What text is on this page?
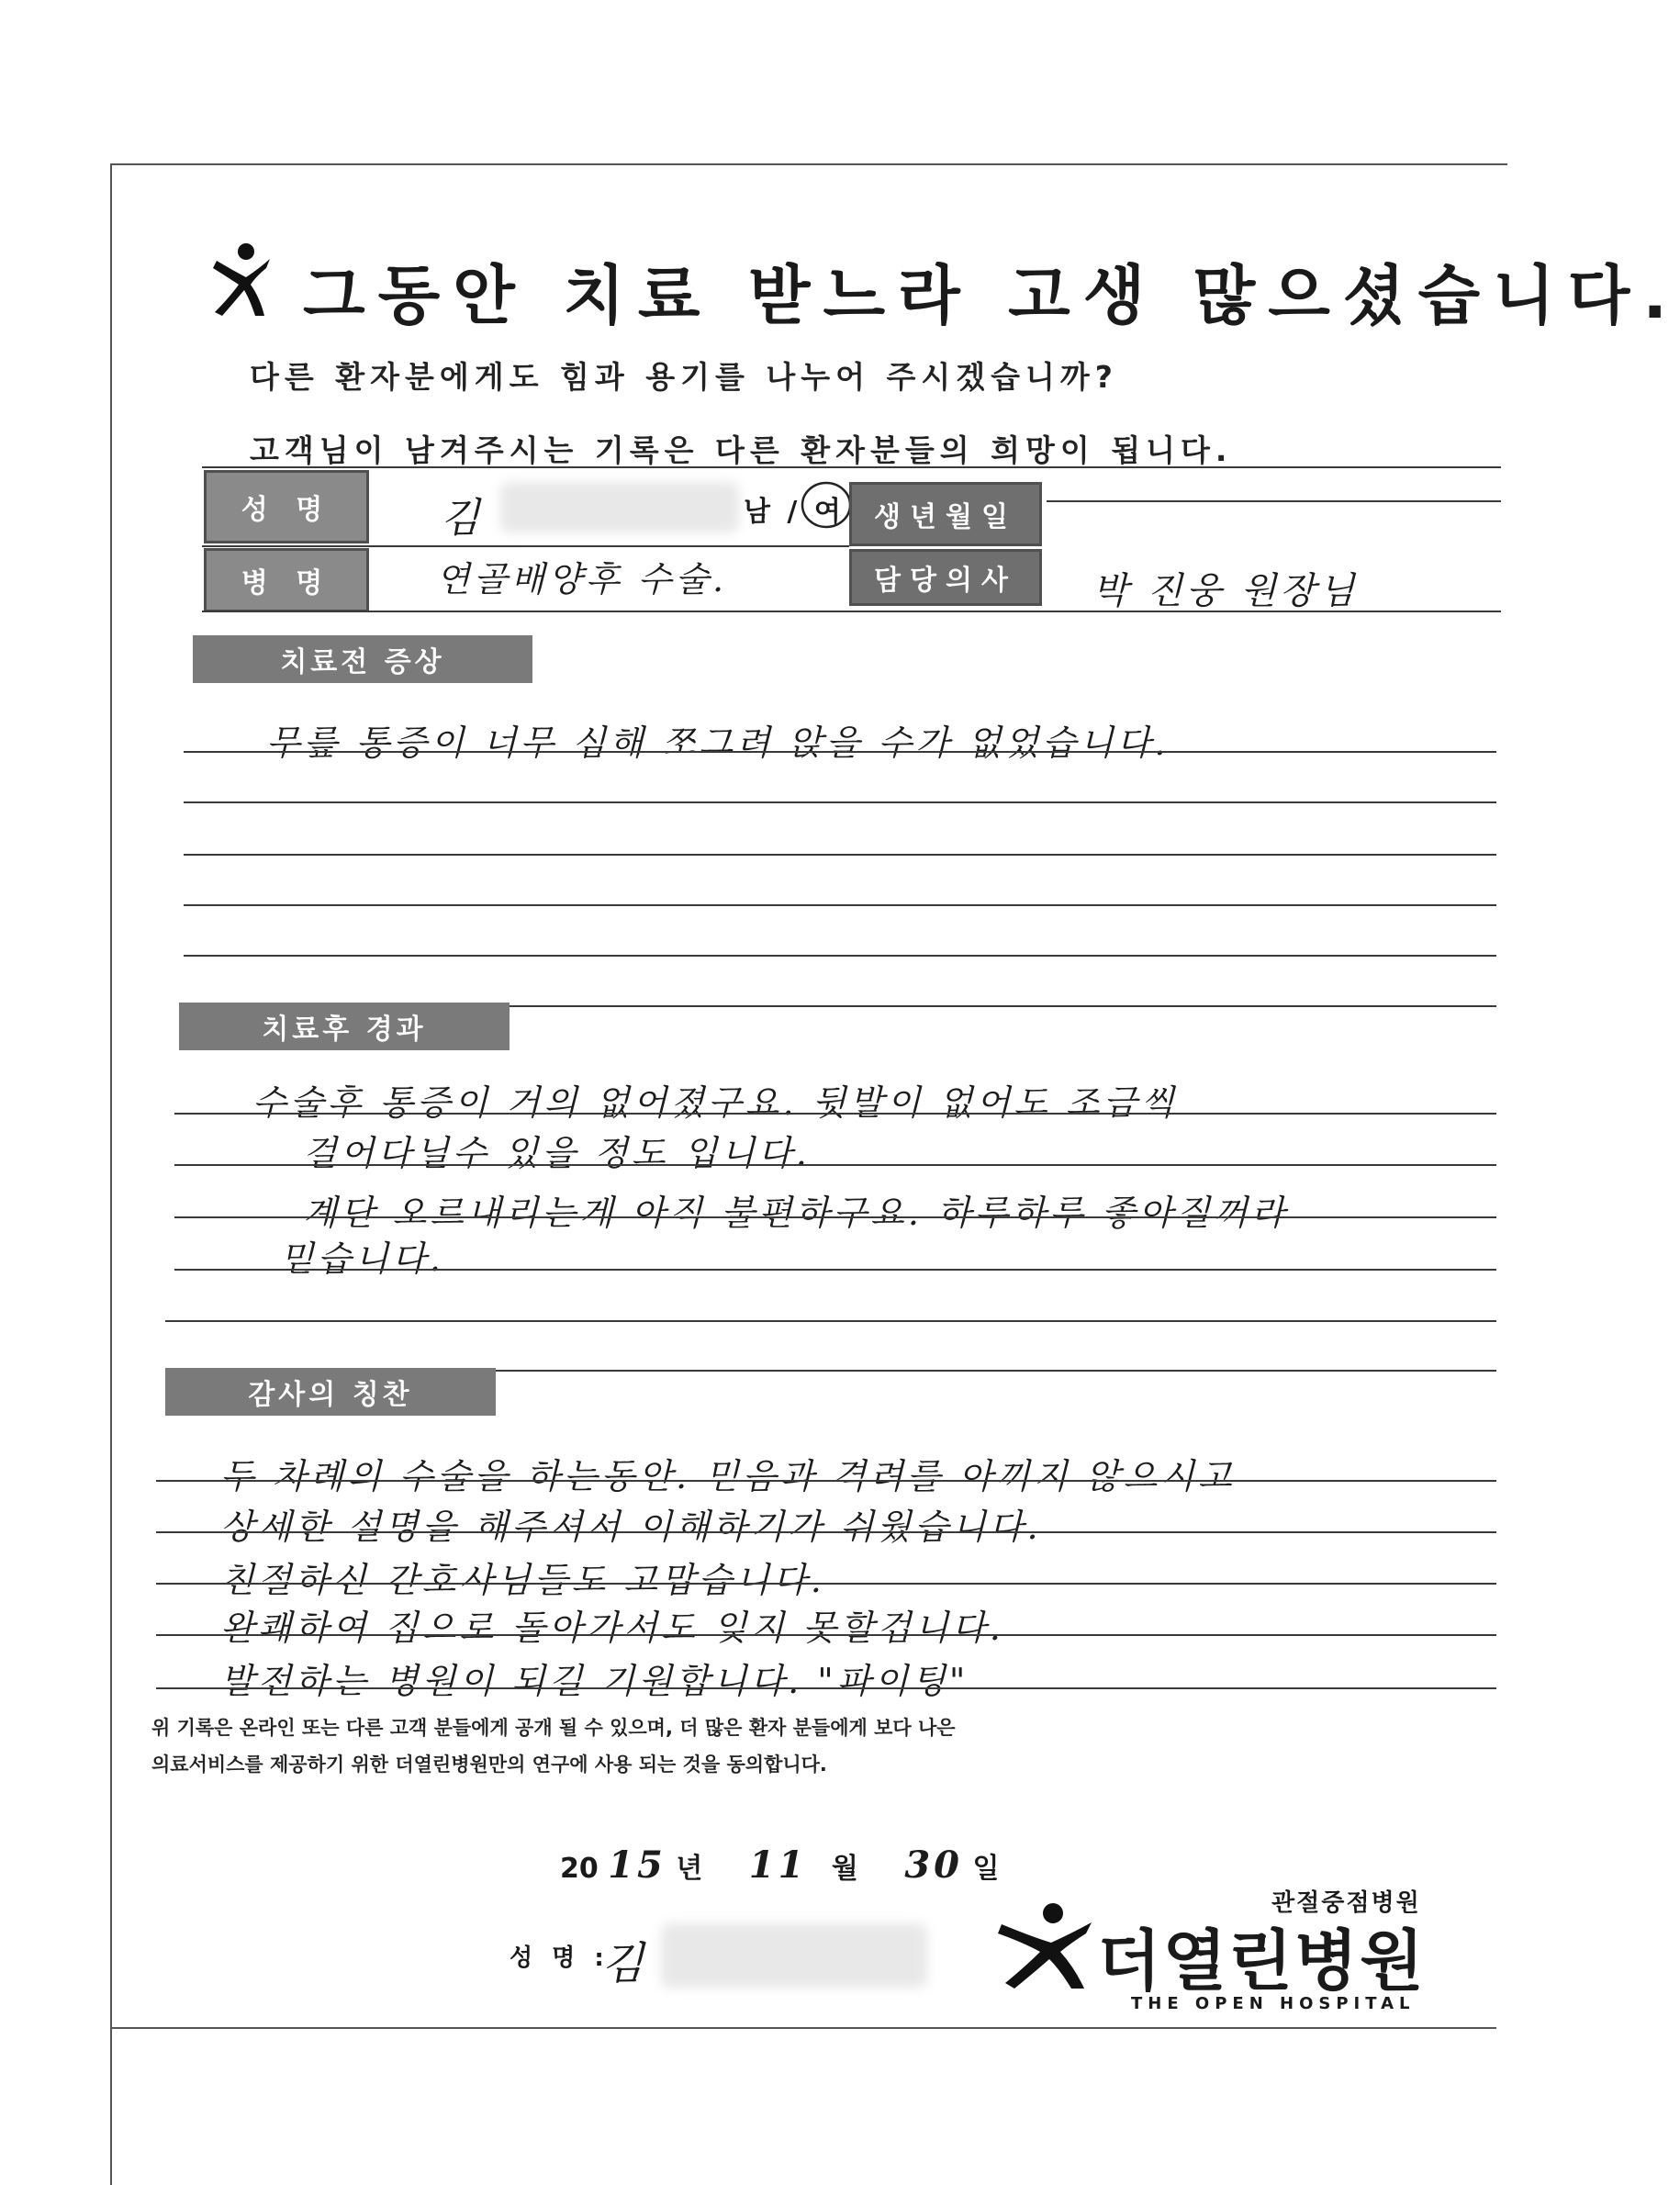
그동안 치료 받느라 고생 많으셨습니다.
다른 환자분에게도 힘과 용기를 나누어 주시겠습니까?
고객님이 남겨주시는 기록은 다른 환자분들의 희망이 됩니다.
성 명	김	남 / 여	생년월일
병 명	연골배양후 수술.	담당의사	박 진웅 원장님
치료전 증상
무릎 통증이 너무 심해 쪼그려 앉을 수가 없었습니다.
치료후 경과
수술후 통증이 거의 없어졌구요. 뒷발이 없어도 조금씩
걸어다닐수 있을 정도 입니다.
계단 오르내리는게 아직 불편하구요. 하루하루 좋아질꺼라
믿습니다.
감사의 칭찬
두 차례의 수술을 하는동안. 믿음과 격려를 아끼지 않으시고
상세한 설명을 해주셔서 이해하기가 쉬웠습니다.
친절하신 간호사님들도 고맙습니다.
완쾌하여 집으로 돌아가서도 잊지 못할겁니다.
발전하는 병원이 되길 기원합니다. "파이팅"
위 기록은 온라인 또는 다른 고객 분들에게 공개 될 수 있으며, 더 많은 환자 분들에게 보다 나은
의료서비스를 제공하기 위한 더열린병원만의 연구에 사용 되는 것을 동의합니다.
20 15 년 11 월 30 일
성 명 :
김
관절중점병원
더열린병원
THE OPEN HOSPITAL
